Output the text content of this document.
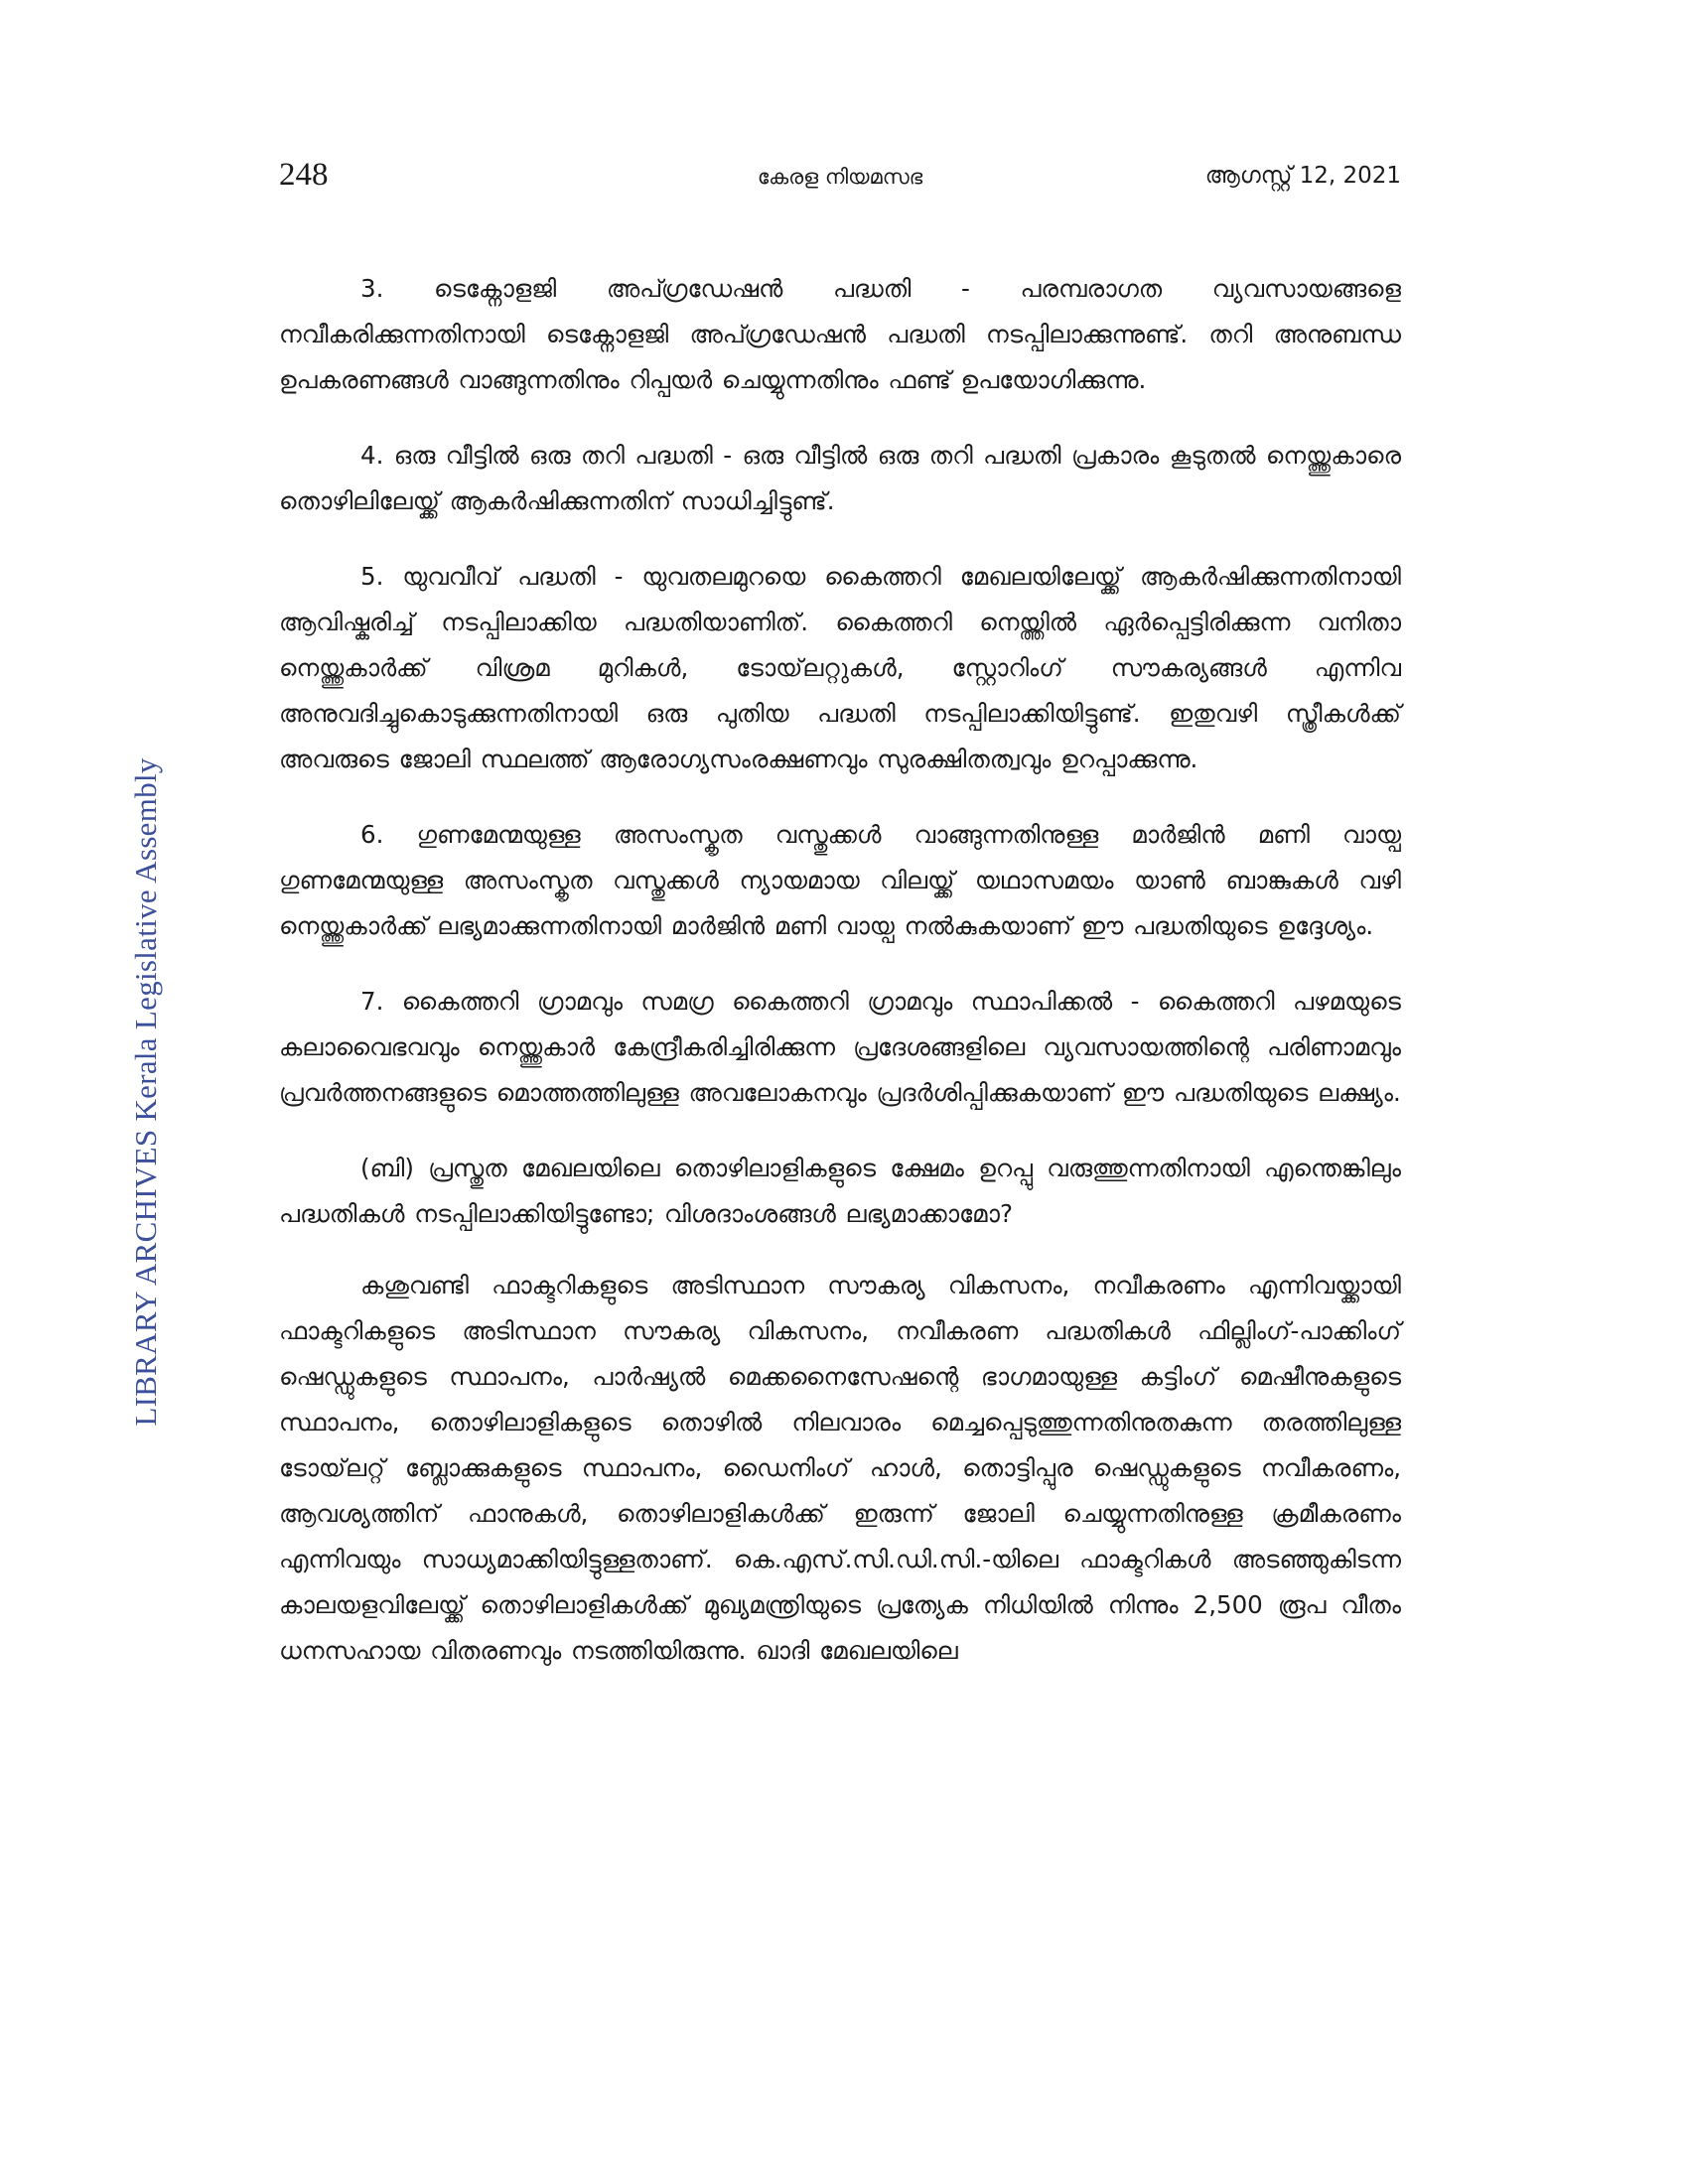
LIBRARY ARCHIVES Kerala Legislative Assembly
248	കേരള നിയമസഭ	ആഗസ്റ്റ് 12, 2021

3. ടെക്നോളജി അപ്ഗ്രഡേഷൻ പദ്ധതി - പരമ്പരാഗത വ്യവസായങ്ങളെ നവീകരിക്കുന്നതിനായി ടെക്നോളജി അപ്ഗ്രഡേഷൻ പദ്ധതി നടപ്പിലാക്കുന്നുണ്ട്. തറി അനുബന്ധ ഉപകരണങ്ങൾ വാങ്ങുന്നതിനും റിപ്പയർ ചെയ്യുന്നതിനും ഫണ്ട് ഉപയോഗിക്കുന്നു.

4. ഒരു വീട്ടിൽ ഒരു തറി പദ്ധതി - ഒരു വീട്ടിൽ ഒരു തറി പദ്ധതി പ്രകാരം കൂടുതൽ നെയ്ത്തുകാരെ തൊഴിലിലേയ്ക്ക് ആകർഷിക്കുന്നതിന് സാധിച്ചിട്ടുണ്ട്.

5. യുവവീവ് പദ്ധതി - യുവതലമുറയെ കൈത്തറി മേഖലയിലേയ്ക്ക് ആകർഷിക്കുന്നതിനായി ആവിഷ്കരിച്ച് നടപ്പിലാക്കിയ പദ്ധതിയാണിത്. കൈത്തറി നെയ്ത്തിൽ ഏർപ്പെട്ടിരിക്കുന്ന വനിതാ നെയ്ത്തുകാർക്ക് വിശ്രമ മുറികൾ, ടോയ്‌ലറ്റുകൾ, സ്റ്റോറിംഗ് സൗകര്യങ്ങൾ എന്നിവ അനുവദിച്ചുകൊടുക്കുന്നതിനായി ഒരു പുതിയ പദ്ധതി നടപ്പിലാക്കിയിട്ടുണ്ട്. ഇതുവഴി സ്ത്രീകൾക്ക് അവരുടെ ജോലി സ്ഥലത്ത് ആരോഗ്യസംരക്ഷണവും സുരക്ഷിതത്വവും ഉറപ്പാക്കുന്നു.

6. ഗുണമേന്മയുള്ള അസംസ്കൃത വസ്തുക്കൾ വാങ്ങുന്നതിനുള്ള മാർജിൻ മണി വായ്പ ഗുണമേന്മയുള്ള അസംസ്കൃത വസ്തുക്കൾ ന്യായമായ വിലയ്ക്ക് യഥാസമയം യാൺ ബാങ്കുകൾ വഴി നെയ്ത്തുകാർക്ക് ലഭ്യമാക്കുന്നതിനായി മാർജിൻ മണി വായ്പ നൽകുകയാണ് ഈ പദ്ധതിയുടെ ഉദ്ദേശ്യം.

7. കൈത്തറി ഗ്രാമവും സമഗ്ര കൈത്തറി ഗ്രാമവും സ്ഥാപിക്കൽ - കൈത്തറി പഴമയുടെ കലാവൈഭവവും നെയ്ത്തുകാർ കേന്ദ്രീകരിച്ചിരിക്കുന്ന പ്രദേശങ്ങളിലെ വ്യവസായത്തിന്റെ പരിണാമവും പ്രവർത്തനങ്ങളുടെ മൊത്തത്തിലുള്ള അവലോകനവും പ്രദർശിപ്പിക്കുകയാണ് ഈ പദ്ധതിയുടെ ലക്ഷ്യം.

(ബി) പ്രസ്തുത മേഖലയിലെ തൊഴിലാളികളുടെ ക്ഷേമം ഉറപ്പു വരുത്തുന്നതിനായി എന്തെങ്കിലും പദ്ധതികൾ നടപ്പിലാക്കിയിട്ടുണ്ടോ; വിശദാംശങ്ങൾ ലഭ്യമാക്കാമോ?

കശുവണ്ടി ഫാക്ടറികളുടെ അടിസ്ഥാന സൗകര്യ വികസനം, നവീകരണം എന്നിവയ്ക്കായി ഫാക്ടറികളുടെ അടിസ്ഥാന സൗകര്യ വികസനം, നവീകരണ പദ്ധതികൾ ഫില്ലിംഗ്-പാക്കിംഗ് ഷെഡ്ഡുകളുടെ സ്ഥാപനം, പാർഷ്യൽ മെക്കനൈസേഷന്റെ ഭാഗമായുള്ള കട്ടിംഗ് മെഷീനുകളുടെ സ്ഥാപനം, തൊഴിലാളികളുടെ തൊഴിൽ നിലവാരം മെച്ചപ്പെടുത്തുന്നതിനുതകുന്ന തരത്തിലുള്ള ടോയ്‌ലറ്റ് ബ്ലോക്കുകളുടെ സ്ഥാപനം, ഡൈനിംഗ് ഹാൾ, തൊട്ടിപ്പുര ഷെഡ്ഡുകളുടെ നവീകരണം, ആവശ്യത്തിന് ഫാനുകൾ, തൊഴിലാളികൾക്ക് ഇരുന്ന് ജോലി ചെയ്യുന്നതിനുള്ള ക്രമീകരണം എന്നിവയും സാധ്യമാക്കിയിട്ടുള്ളതാണ്. കെ.എസ്.സി.ഡി.സി.-യിലെ ഫാക്ടറികൾ അടഞ്ഞുകിടന്ന കാലയളവിലേയ്ക്ക് തൊഴിലാളികൾക്ക് മുഖ്യമന്ത്രിയുടെ പ്രത്യേക നിധിയിൽ നിന്നും 2,500 രൂപ വീതം ധനസഹായ വിതരണവും നടത്തിയിരുന്നു. ഖാദി മേഖലയിലെ
